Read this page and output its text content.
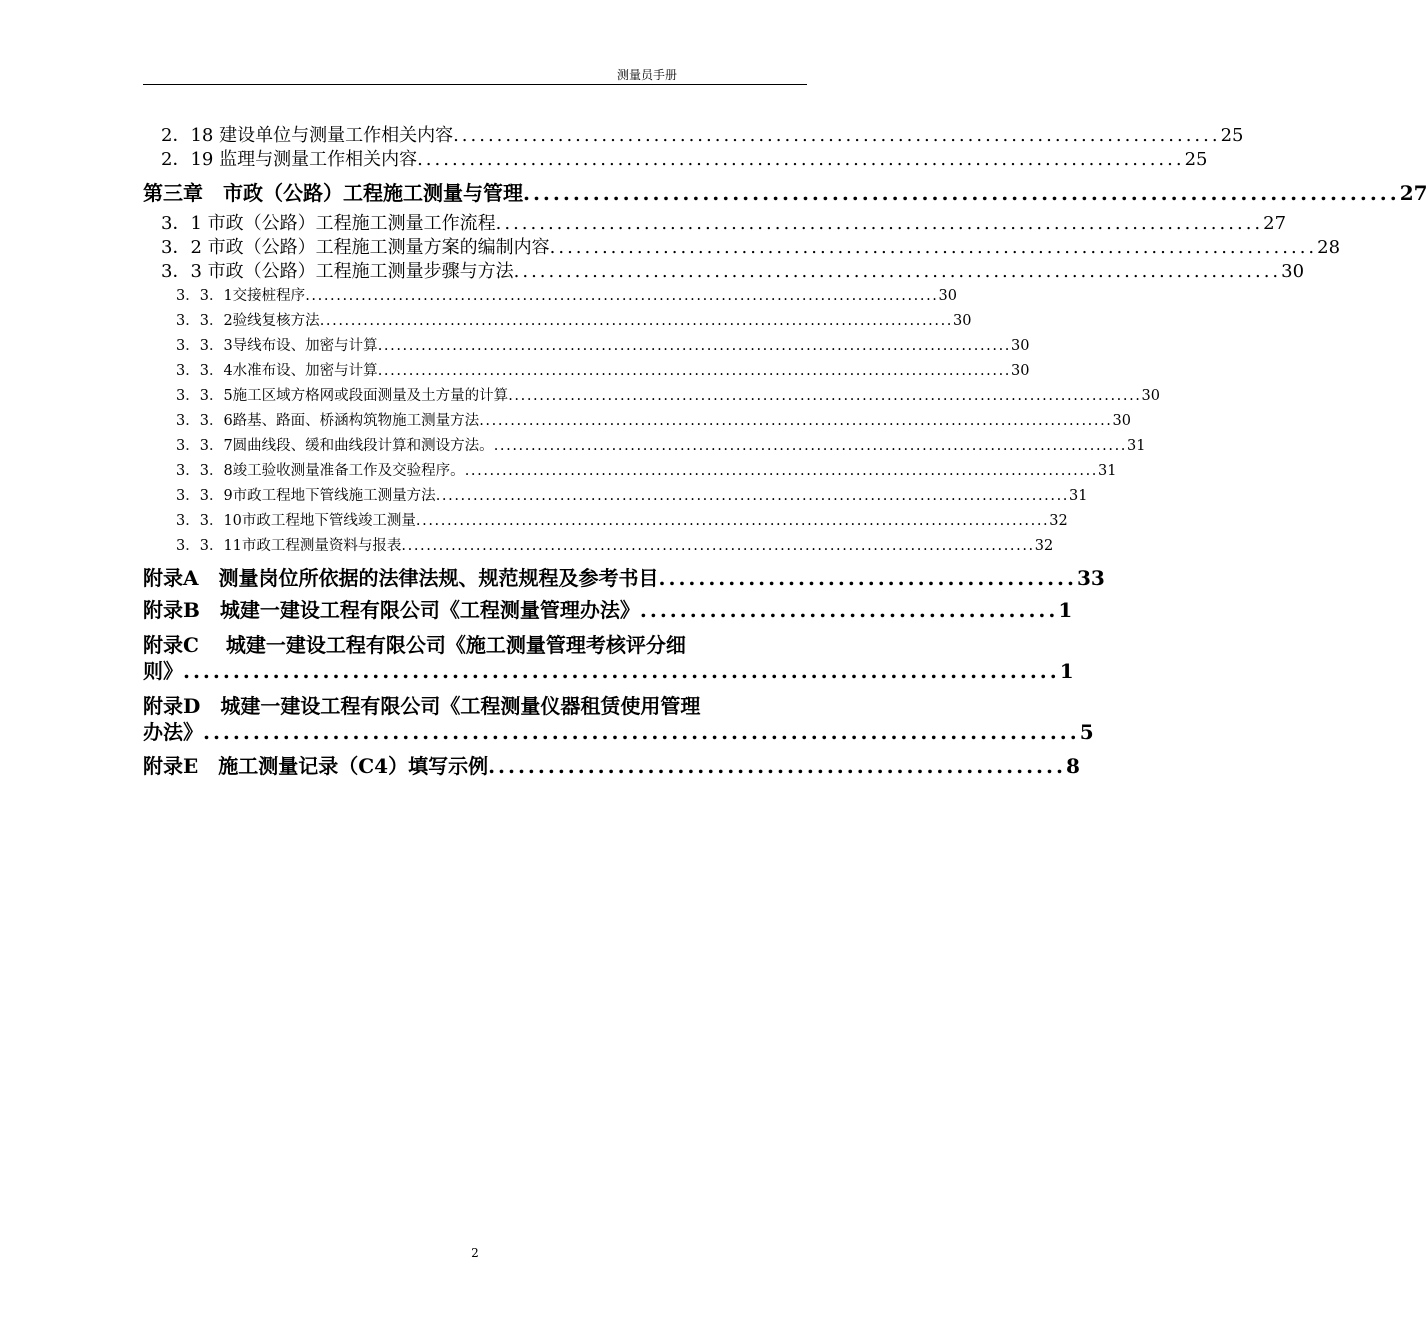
测量员手册
2．18 建设单位与测量工作相关内容 ........................................................................................ 25
2．19 监理与测量工作相关内容 ........................................................................................ 25
第三章　市政（公路）工程施工测量与管理 ........................................................................................ 27
3．1 市政（公路）工程施工测量工作流程 ........................................................................................ 27
3．2 市政（公路）工程施工测量方案的编制内容 ........................................................................................ 28
3．3 市政（公路）工程施工测量步骤与方法 ........................................................................................ 30
3．3．1交接桩程序 ...................................................................................................... 30
3．3．2验线复核方法 ...................................................................................................... 30
3．3．3导线布设、加密与计算 ...................................................................................................... 30
3．3．4水准布设、加密与计算 ...................................................................................................... 30
3．3．5施工区域方格网或段面测量及土方量的计算 ...................................................................................................... 30
3．3．6路基、路面、桥涵构筑物施工测量方法 ...................................................................................................... 30
3．3．7圆曲线段、缓和曲线段计算和测设方法。 ...................................................................................................... 31
3．3．8竣工验收测量准备工作及交验程序。 ...................................................................................................... 31
3．3．9市政工程地下管线施工测量方法 ...................................................................................................... 31
3．3．10市政工程地下管线竣工测量 ...................................................................................................... 32
3．3．11市政工程测量资料与报表 ...................................................................................................... 32
附录A　测量岗位所依据的法律法规、规范规程及参考书目 .......................................... 33
附录B　城建一建设工程有限公司《工程测量管理办法》 .......................................... 1
附录C　 城建一建设工程有限公司《施工测量管理考核评分细
则》 ........................................................................................ 1
附录D　城建一建设工程有限公司《工程测量仪器租赁使用管理
办法》 ........................................................................................ 5
附录E　施工测量记录（C4）填写示例 .......................................................... 8
2
